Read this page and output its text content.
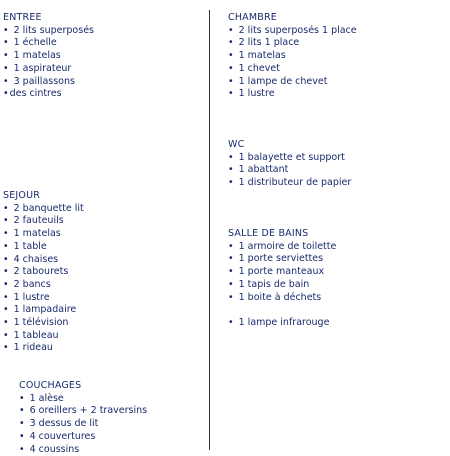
ENTREE
• 2 lits superposés
• 1 échelle
• 1 matelas
• 1 aspirateur
• 3 paillassons
• des cintres
CHAMBRE
• 2 lits superposés 1 place
• 2 lits 1 place
• 1 matelas
• 1 chevet
• 1 lampe de chevet
• 1 lustre
WC
• 1 balayette et support
• 1 abattant
• 1 distributeur de papier
SEJOUR
• 2 banquette lit
• 2 fauteuils
• 1 matelas
• 1 table
• 4 chaises
• 2 tabourets
• 2 bancs
• 1 lustre
• 1 lampadaire
• 1 télévision
• 1 tableau
• 1 rideau
SALLE DE BAINS
• 1 armoire de toilette
• 1 porte serviettes
• 1 porte manteaux
• 1 tapis de bain
• 1 boite à déchets
• 1 lampe infrarouge
COUCHAGES
• 1 alèse
• 6 oreillers + 2 traversins
• 3 dessus de lit
• 4 couvertures
• 4 coussins
